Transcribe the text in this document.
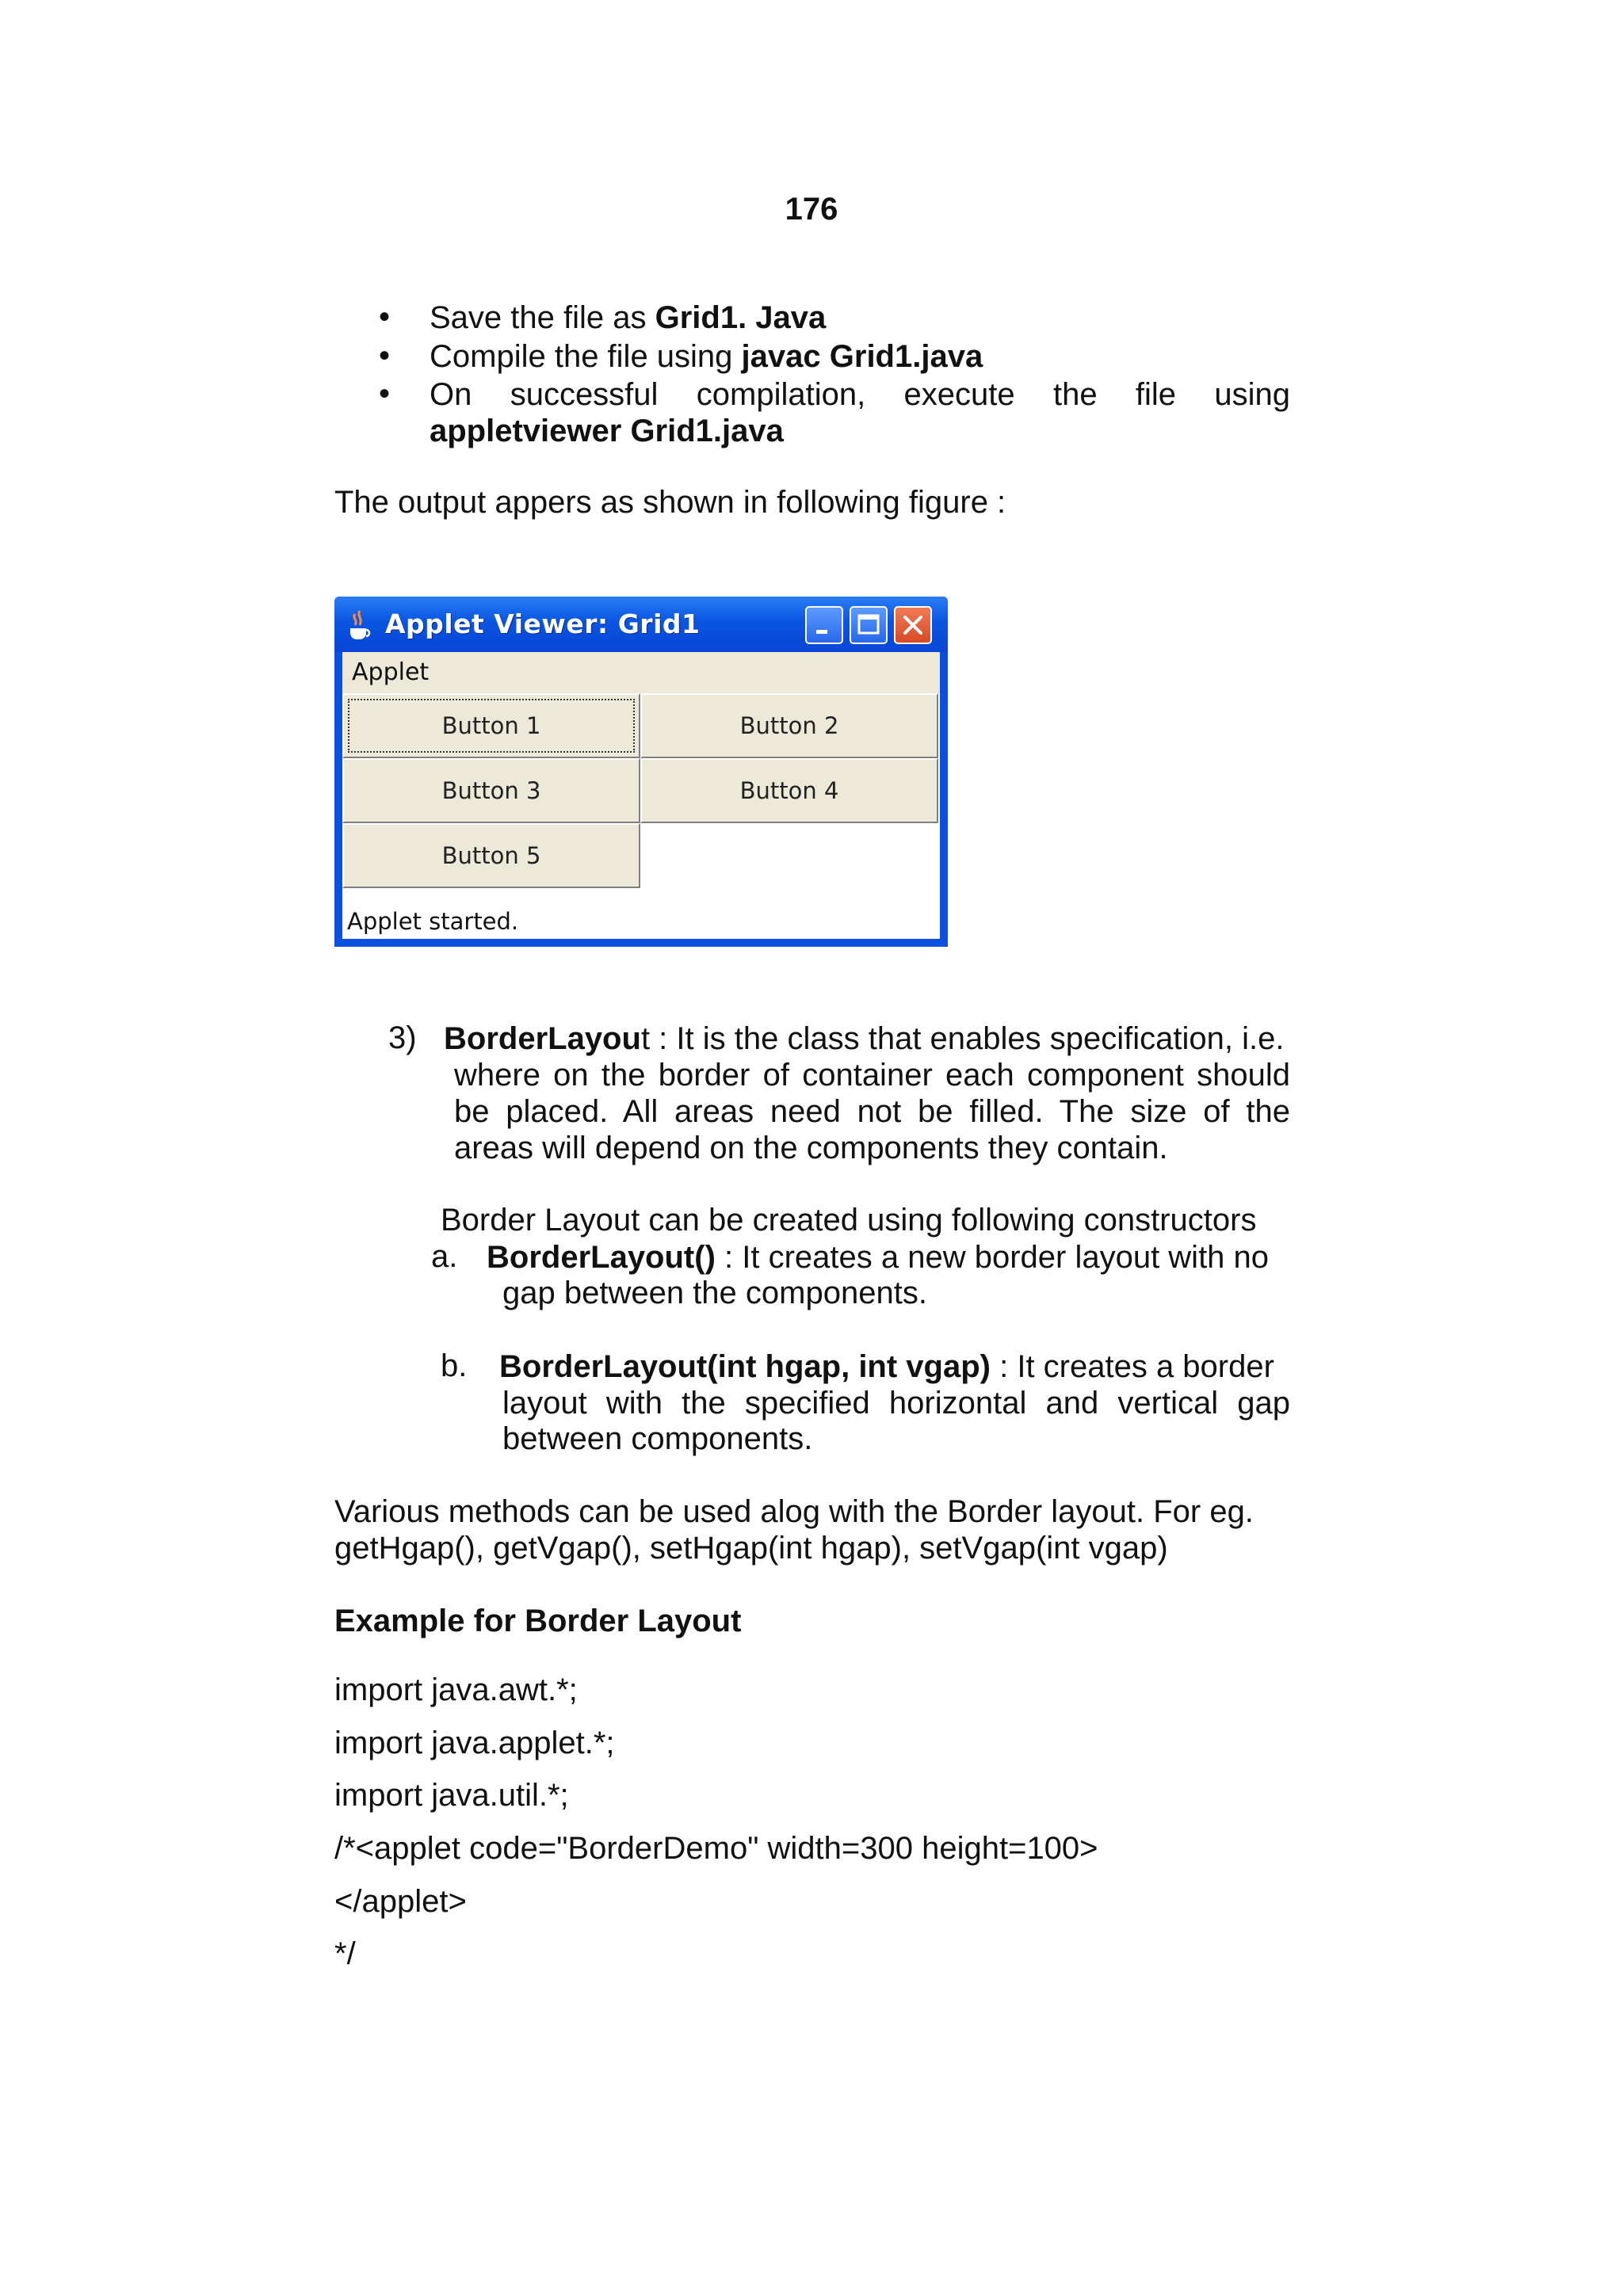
176
• Save the file as Grid1. Java
• Compile the file using javac Grid1.java
• On successful compilation, execute the file using
appletviewer Grid1.java
The output appers as shown in following figure :
Applet Viewer: Grid1
Applet
Button 1	Button 2
Button 3	Button 4
Button 5
Applet started.
3) BorderLayout : It is the class that enables specification, i.e.
where on the border of container each component should
be placed. All areas need not be filled. The size of the
areas will depend on the components they contain.
Border Layout can be created using following constructors
a. BorderLayout() : It creates a new border layout with no
gap between the components.
b. BorderLayout(int hgap, int vgap) : It creates a border
layout with the specified horizontal and vertical gap
between components.
Various methods can be used alog with the Border layout. For eg.
getHgap(), getVgap(), setHgap(int hgap), setVgap(int vgap)
Example for Border Layout
import java.awt.*;
import java.applet.*;
import java.util.*;
/*<applet code="BorderDemo" width=300 height=100>
</applet>
*/
